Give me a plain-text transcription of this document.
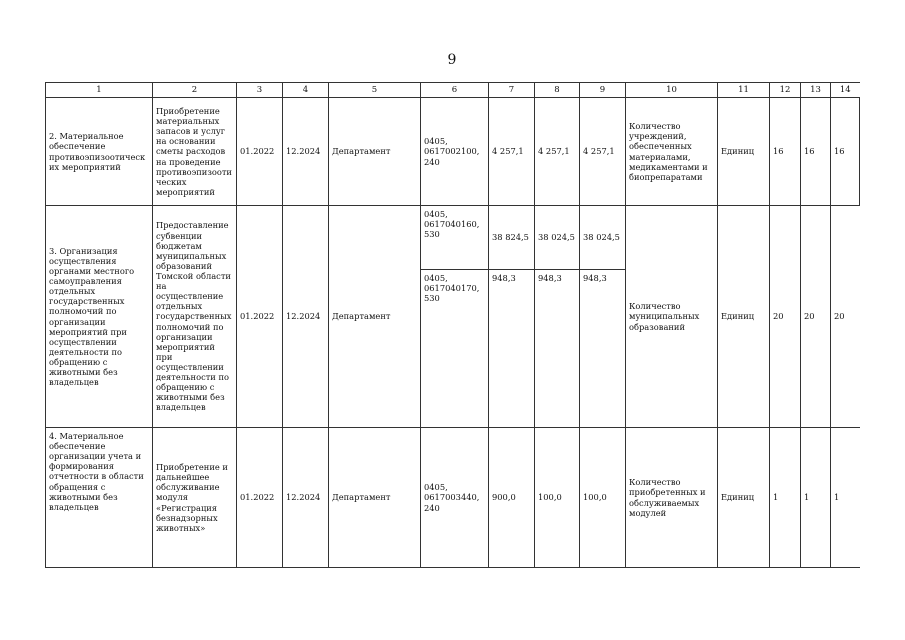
9
1	2	3	4	5	6	7	8	9	10	11	12	13	14
2. Материальное обеспечение противоэпизоотических мероприятий	Приобретение материальных запасов и услуг на основании сметы расходов на проведение противоэпизоотических мероприятий	01.2022	12.2024	Департамент	0405, 0617002100, 240	4 257,1	4 257,1	4 257,1	Количество учреждений, обеспеченных материалами, медикаментами и биопрепаратами	Единиц	16	16	16
3. Организация осуществления органами местного самоуправления отдельных государственных полномочий по организации мероприятий при осуществлении деятельности по обращению с животными без владельцев	Предоставление субвенции бюджетам муниципальных образований Томской области на осуществление отдельных государственных полномочий по организации мероприятий при осуществлении деятельности по обращению с животными без владельцев	01.2022	12.2024	Департамент	0405, 0617040160, 530	38 824,5	38 024,5	38 024,5	Количество муниципальных образований	Единиц	20	20	20
					0405, 0617040170, 530	948,3	948,3	948,3					
4. Материальное обеспечение организации учета и формирования отчетности в области обращения с животными без владельцев	Приобретение и дальнейшее обслуживание модуля «Регистрация безнадзорных животных»	01.2022	12.2024	Департамент	0405, 0617003440, 240	900,0	100,0	100,0	Количество приобретенных и обслуживаемых модулей	Единиц	1	1	1
